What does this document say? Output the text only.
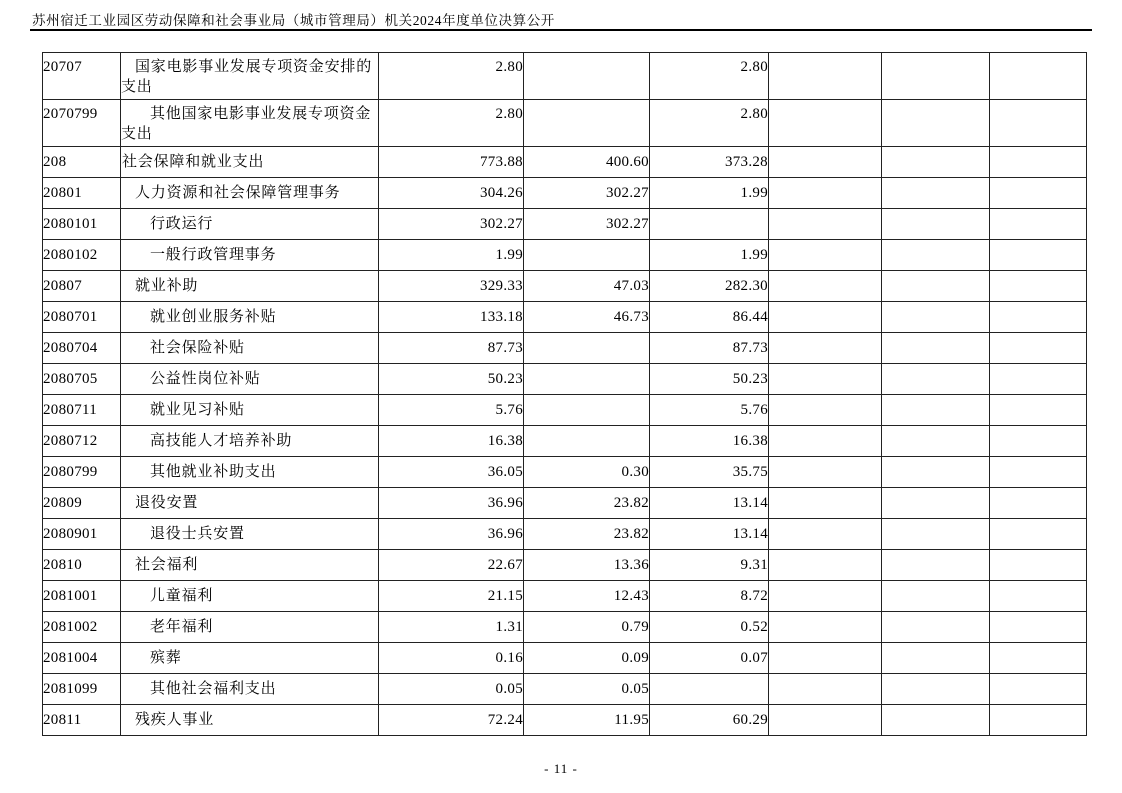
苏州宿迁工业园区劳动保障和社会事业局（城市管理局）机关2024年度单位决算公开
20707	国家电影事业发展专项资金安排的支出	2.80		2.80			
2070799	其他国家电影事业发展专项资金支出	2.80		2.80			
208	社会保障和就业支出	773.88	400.60	373.28			
20801	人力资源和社会保障管理事务	304.26	302.27	1.99			
2080101	行政运行	302.27	302.27				
2080102	一般行政管理事务	1.99		1.99			
20807	就业补助	329.33	47.03	282.30			
2080701	就业创业服务补贴	133.18	46.73	86.44			
2080704	社会保险补贴	87.73		87.73			
2080705	公益性岗位补贴	50.23		50.23			
2080711	就业见习补贴	5.76		5.76			
2080712	高技能人才培养补助	16.38		16.38			
2080799	其他就业补助支出	36.05	0.30	35.75			
20809	退役安置	36.96	23.82	13.14			
2080901	退役士兵安置	36.96	23.82	13.14			
20810	社会福利	22.67	13.36	9.31			
2081001	儿童福利	21.15	12.43	8.72			
2081002	老年福利	1.31	0.79	0.52			
2081004	殡葬	0.16	0.09	0.07			
2081099	其他社会福利支出	0.05	0.05				
20811	残疾人事业	72.24	11.95	60.29			
- 11 -
